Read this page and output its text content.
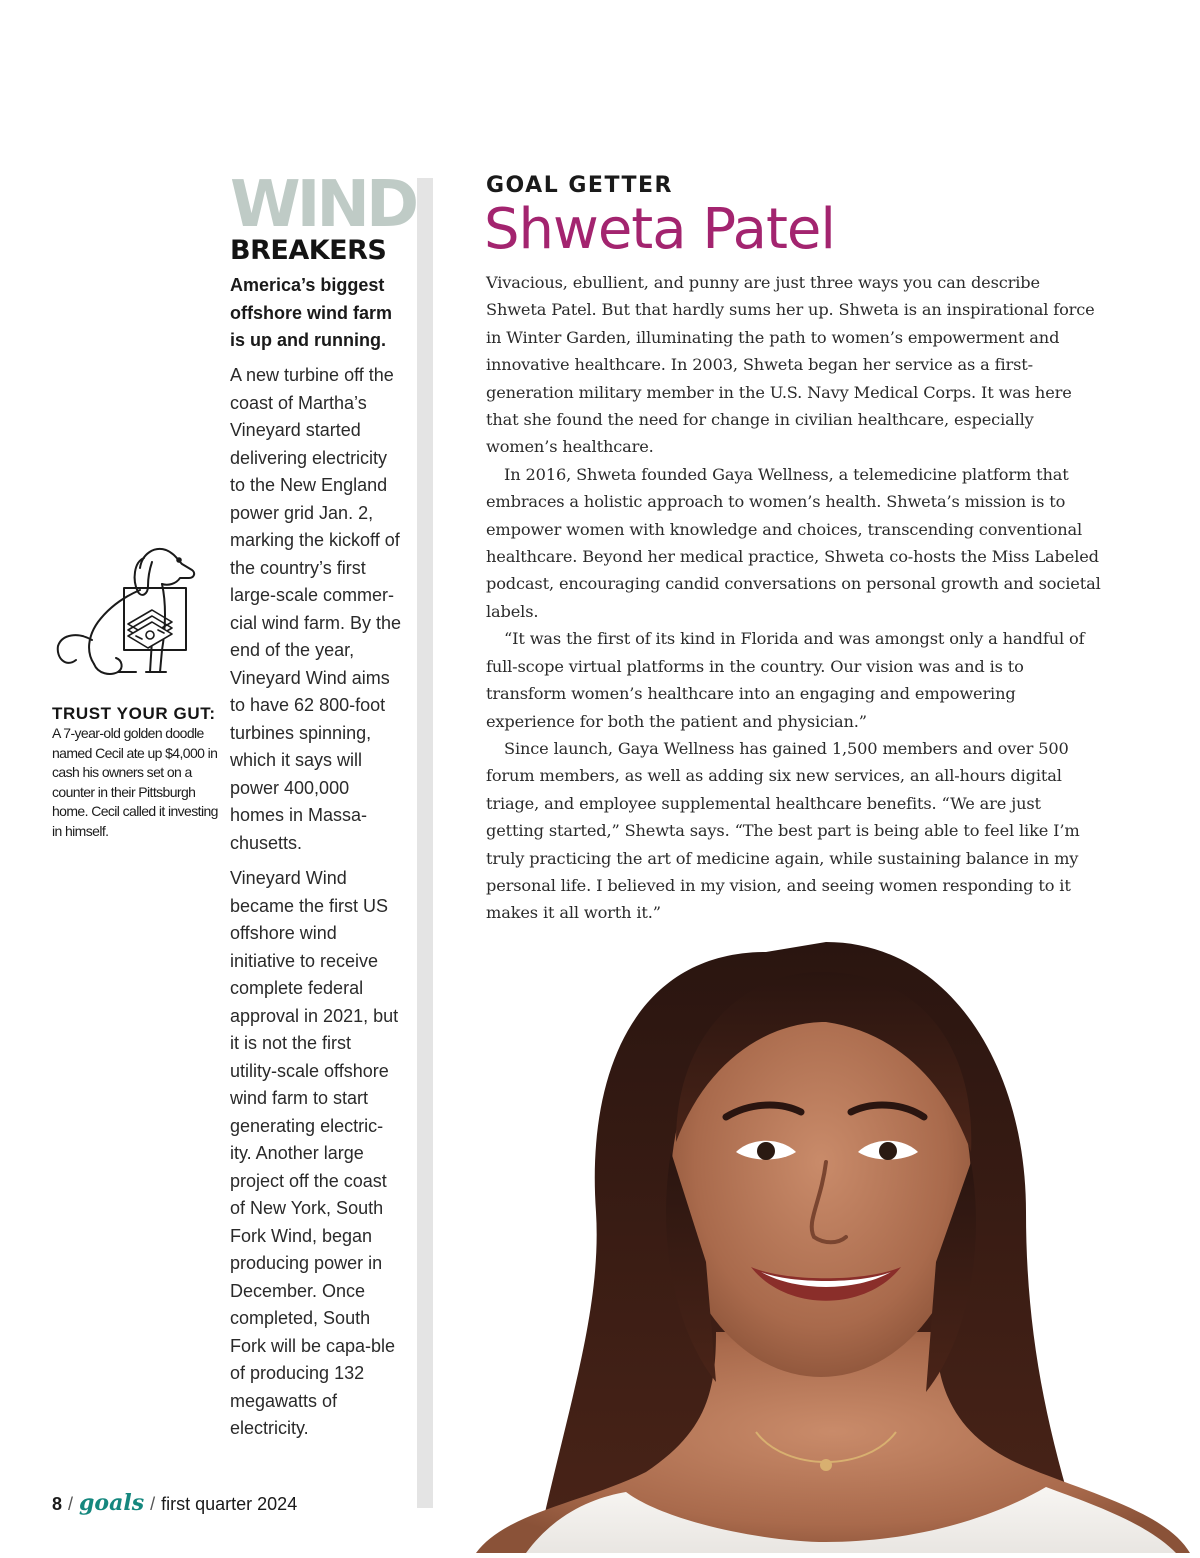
WIND
BREAKERS

America’s biggest offshore wind farm is up and running.

A new turbine off the coast of Martha’s Vineyard started delivering electricity to the New England power grid Jan. 2, marking the kickoff of the country’s first large-scale commer-cial wind farm. By the end of the year, Vineyard Wind aims to have 62 800-foot turbines spinning, which it says will power 400,000 homes in Massa-chusetts.

Vineyard Wind became the first US offshore wind initiative to receive complete federal approval in 2021, but it is not the first utility-scale offshore wind farm to start generating electric-ity. Another large project off the coast of New York, South Fork Wind, began producing power in December. Once completed, South Fork will be capa-ble of producing 132 megawatts of electricity.

TRUST YOUR GUT:

A 7-year-old golden doodle named Cecil ate up $4,000 in cash his owners set on a counter in their Pittsburgh home. Cecil called it investing in himself.

GOAL GETTER

Shweta Patel

Vivacious, ebullient, and punny are just three ways you can describe Shweta Patel. But that hardly sums her up. Shweta is an inspirational force in Winter Garden, illuminating the path to women’s empowerment and innovative healthcare. In 2003, Shweta began her service as a first-generation military member in the U.S. Navy Medical Corps. It was here that she found the need for change in civilian healthcare, especially women’s healthcare.

In 2016, Shweta founded Gaya Wellness, a telemedicine platform that embraces a holistic approach to women’s health. Shweta’s mission is to empower women with knowledge and choices, transcending conventional healthcare. Beyond her medical practice, Shweta co-hosts the Miss Labeled podcast, encouraging candid conversations on personal growth and societal labels.

“It was the first of its kind in Florida and was amongst only a handful of full-scope virtual platforms in the country. Our vision was and is to transform women’s healthcare into an engaging and empowering experience for both the patient and physician.”

Since launch, Gaya Wellness has gained 1,500 members and over 500 forum members, as well as adding six new services, an all-hours digital triage, and employee supplemental healthcare benefits. “We are just getting started,” Shewta says. “The best part is being able to feel like I’m truly practicing the art of medicine again, while sustaining balance in my personal life. I believed in my vision, and seeing women responding to it makes it all worth it.”

8 / goals / first quarter 2024
